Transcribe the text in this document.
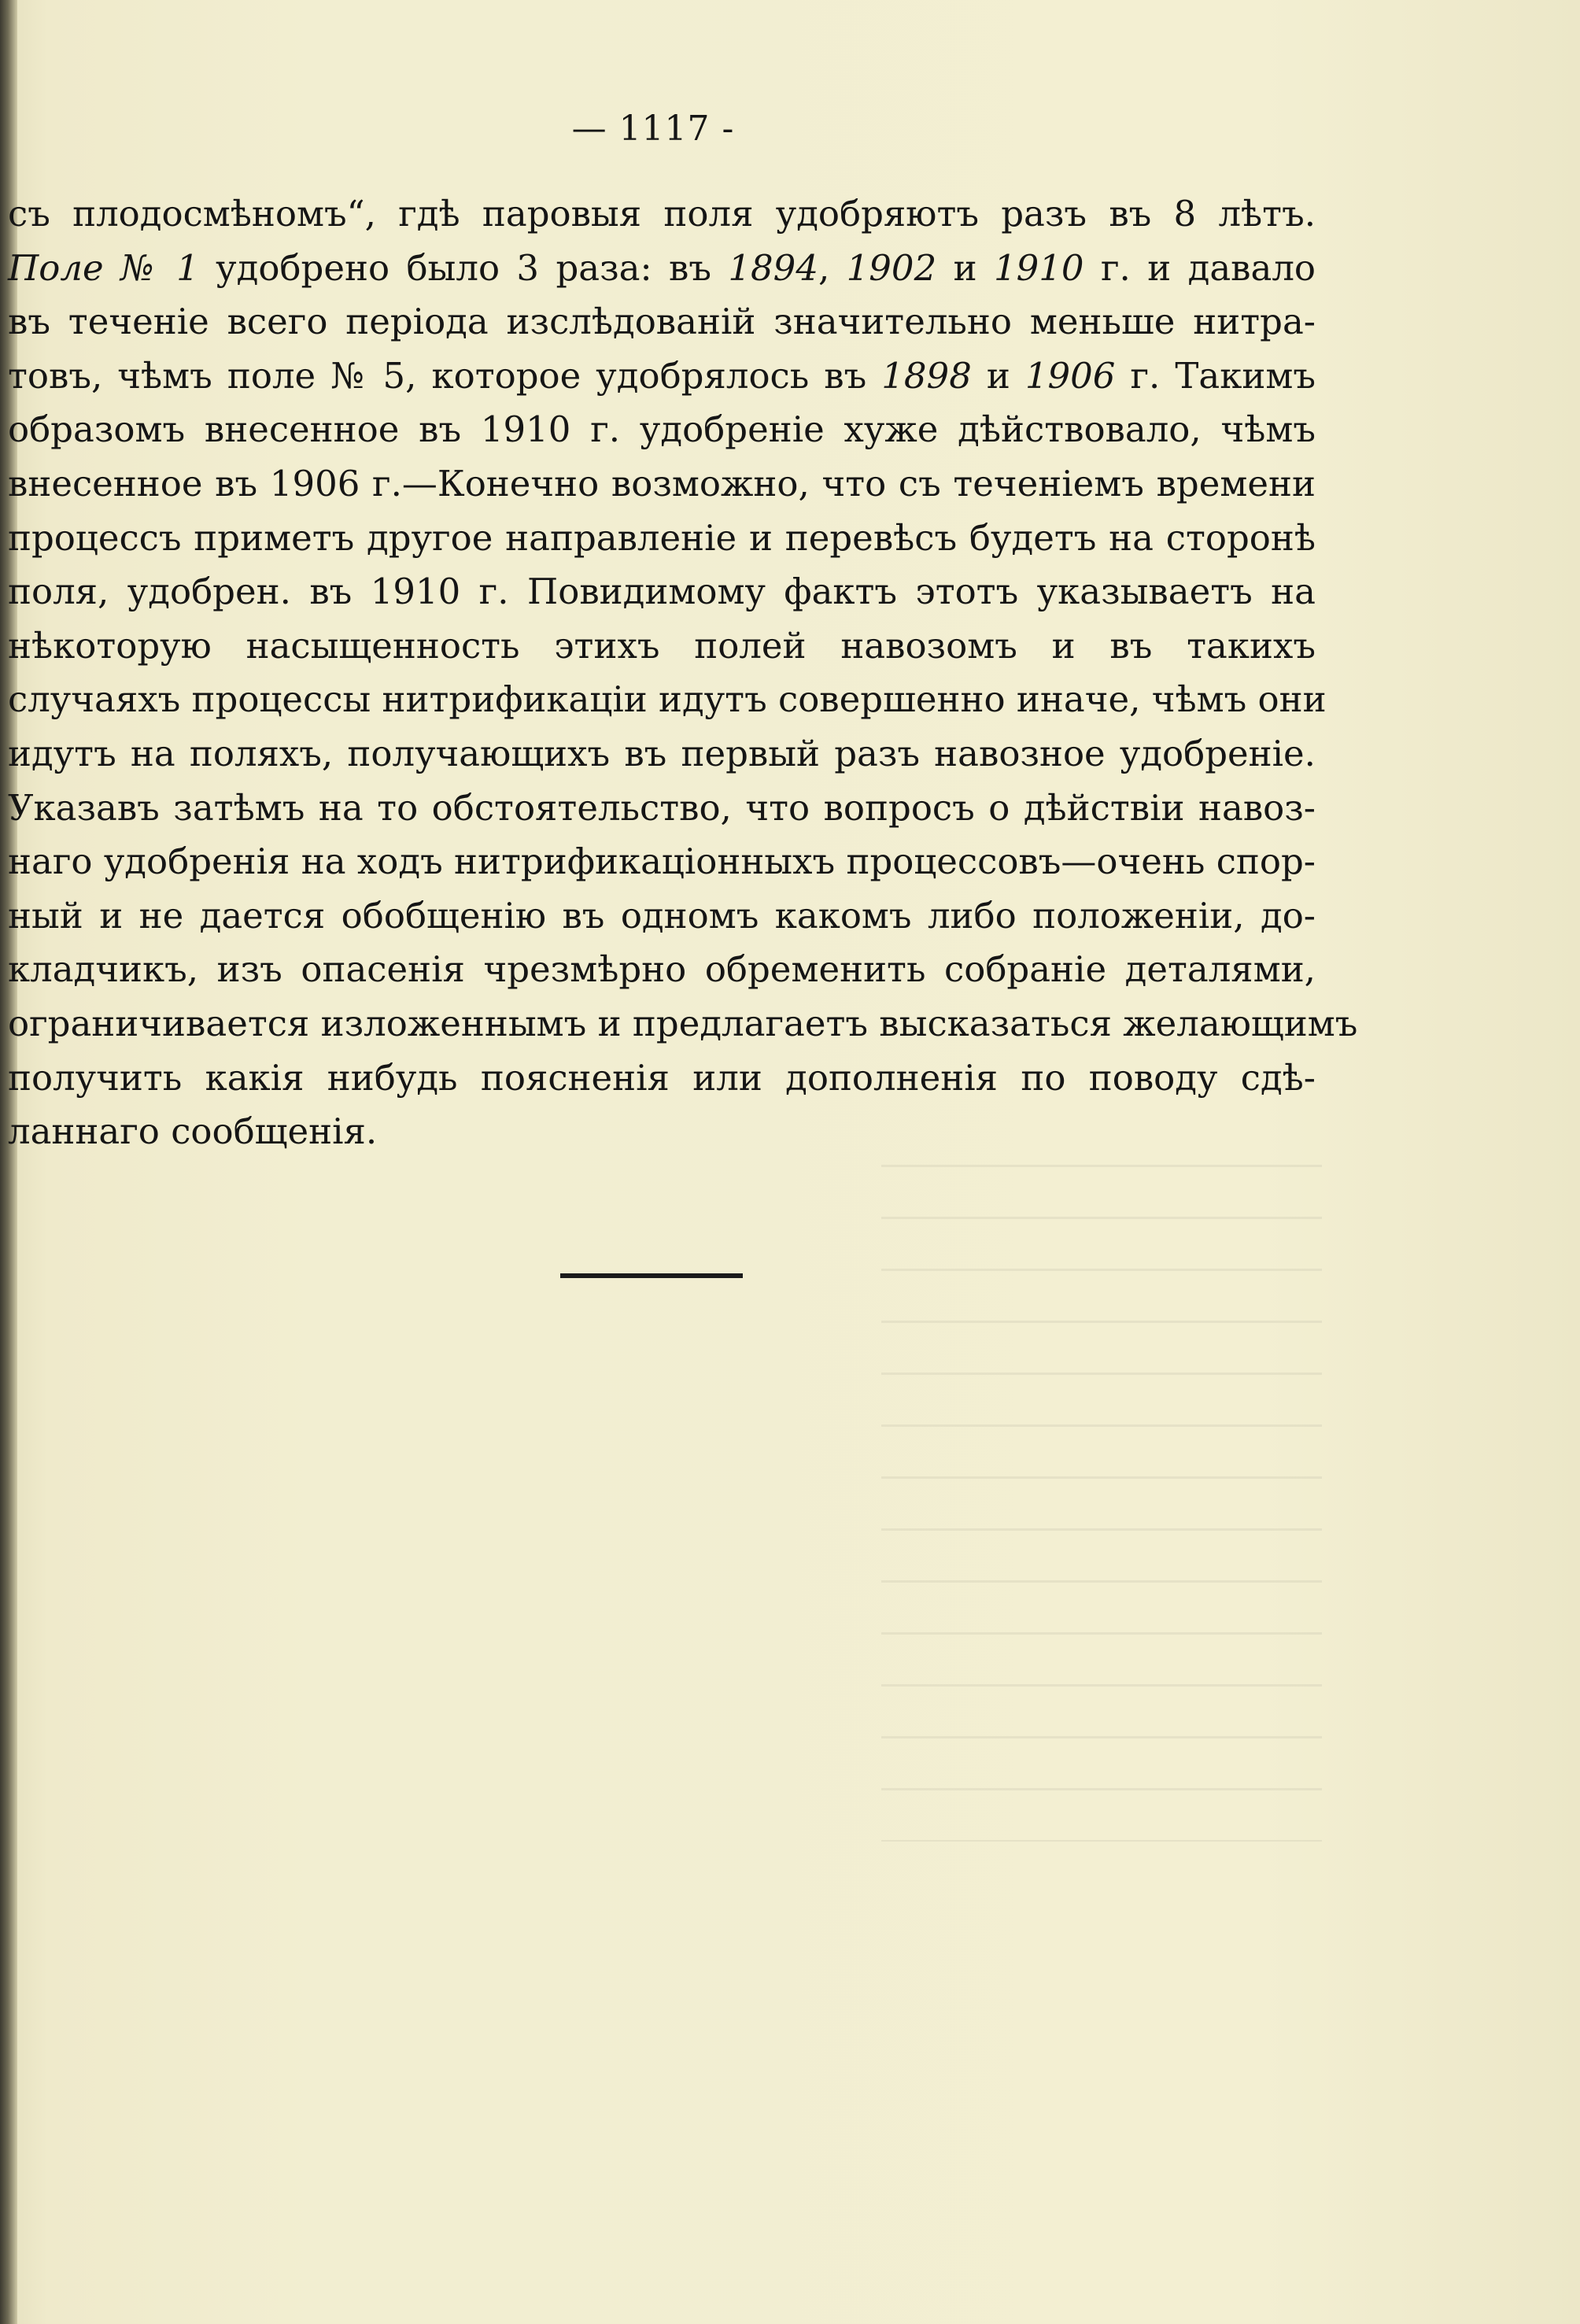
— 1117 -
съ плодосмѣномъ“, гдѣ паровыя поля удобряютъ разъ въ 8 лѣтъ.
Поле № 1 удобрено было 3 раза: въ 1894, 1902 и 1910 г. и давало
въ теченіе всего періода изслѣдованій значительно меньше нитра-
товъ, чѣмъ поле № 5, которое удобрялось въ 1898 и 1906 г. Такимъ
образомъ внесенное въ 1910 г. удобреніе хуже дѣйствовало, чѣмъ
внесенное въ 1906 г.—Конечно возможно, что съ теченіемъ времени
процессъ приметъ другое направленіе и перевѣсъ будетъ на сторонѣ
поля, удобрен. въ 1910 г. Повидимому фактъ этотъ указываетъ на
нѣкоторую насыщенность этихъ полей навозомъ и въ такихъ
случаяхъ процессы нитрификаціи идутъ совершенно иначе, чѣмъ они
идутъ на поляхъ, получающихъ въ первый разъ навозное удобреніе.
Указавъ затѣмъ на то обстоятельство, что вопросъ о дѣйствіи навоз-
наго удобренія на ходъ нитрификаціонныхъ процессовъ—очень спор-
ный и не дается обобщенію въ одномъ какомъ либо положеніи, до-
кладчикъ, изъ опасенія чрезмѣрно обременить собраніе деталями,
ограничивается изложеннымъ и предлагаетъ высказаться желающимъ
получить какія нибудь поясненія или дополненія по поводу сдѣ-
ланнаго сообщенія.
